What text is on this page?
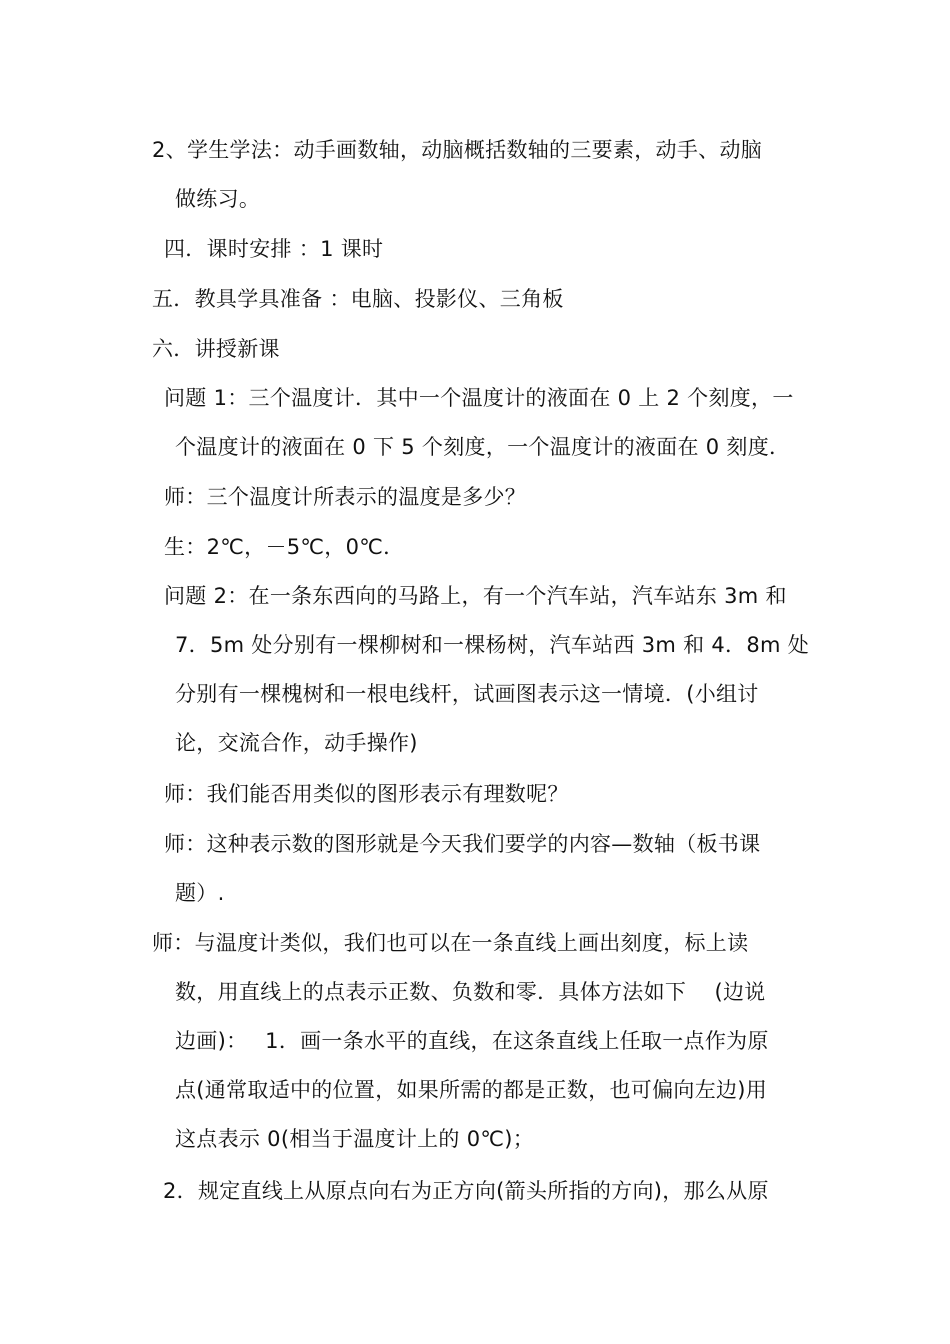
2、学生学法：动手画数轴，动脑概括数轴的三要素，动手、动脑
做练习。
四．课时安排 ：1 课时
五．教具学具准备 ：电脑、投影仪、三角板
六．讲授新课
问题 1：三个温度计．其中一个温度计的液面在 0 上 2 个刻度，一
个温度计的液面在 0 下 5 个刻度，一个温度计的液面在 0 刻度．
师：三个温度计所表示的温度是多少？
生：2℃，－5℃，0℃．
问题 2：在一条东西向的马路上，有一个汽车站，汽车站东 3m 和
7．5m 处分别有一棵柳树和一棵杨树，汽车站西 3m 和 4．8m 处
分别有一棵槐树和一根电线杆，试画图表示这一情境．(小组讨
论，交流合作，动手操作)
师：我们能否用类似的图形表示有理数呢？
师：这种表示数的图形就是今天我们要学的内容—数轴（板书课
题）.
师：与温度计类似，我们也可以在一条直线上画出刻度，标上读
数，用直线上的点表示正数、负数和零．具体方法如下 　(边说
边画)：　 1．画一条水平的直线，在这条直线上任取一点作为原
点(通常取适中的位置，如果所需的都是正数，也可偏向左边)用
这点表示 0(相当于温度计上的 0℃)；
2．规定直线上从原点向右为正方向(箭头所指的方向)，那么从原
